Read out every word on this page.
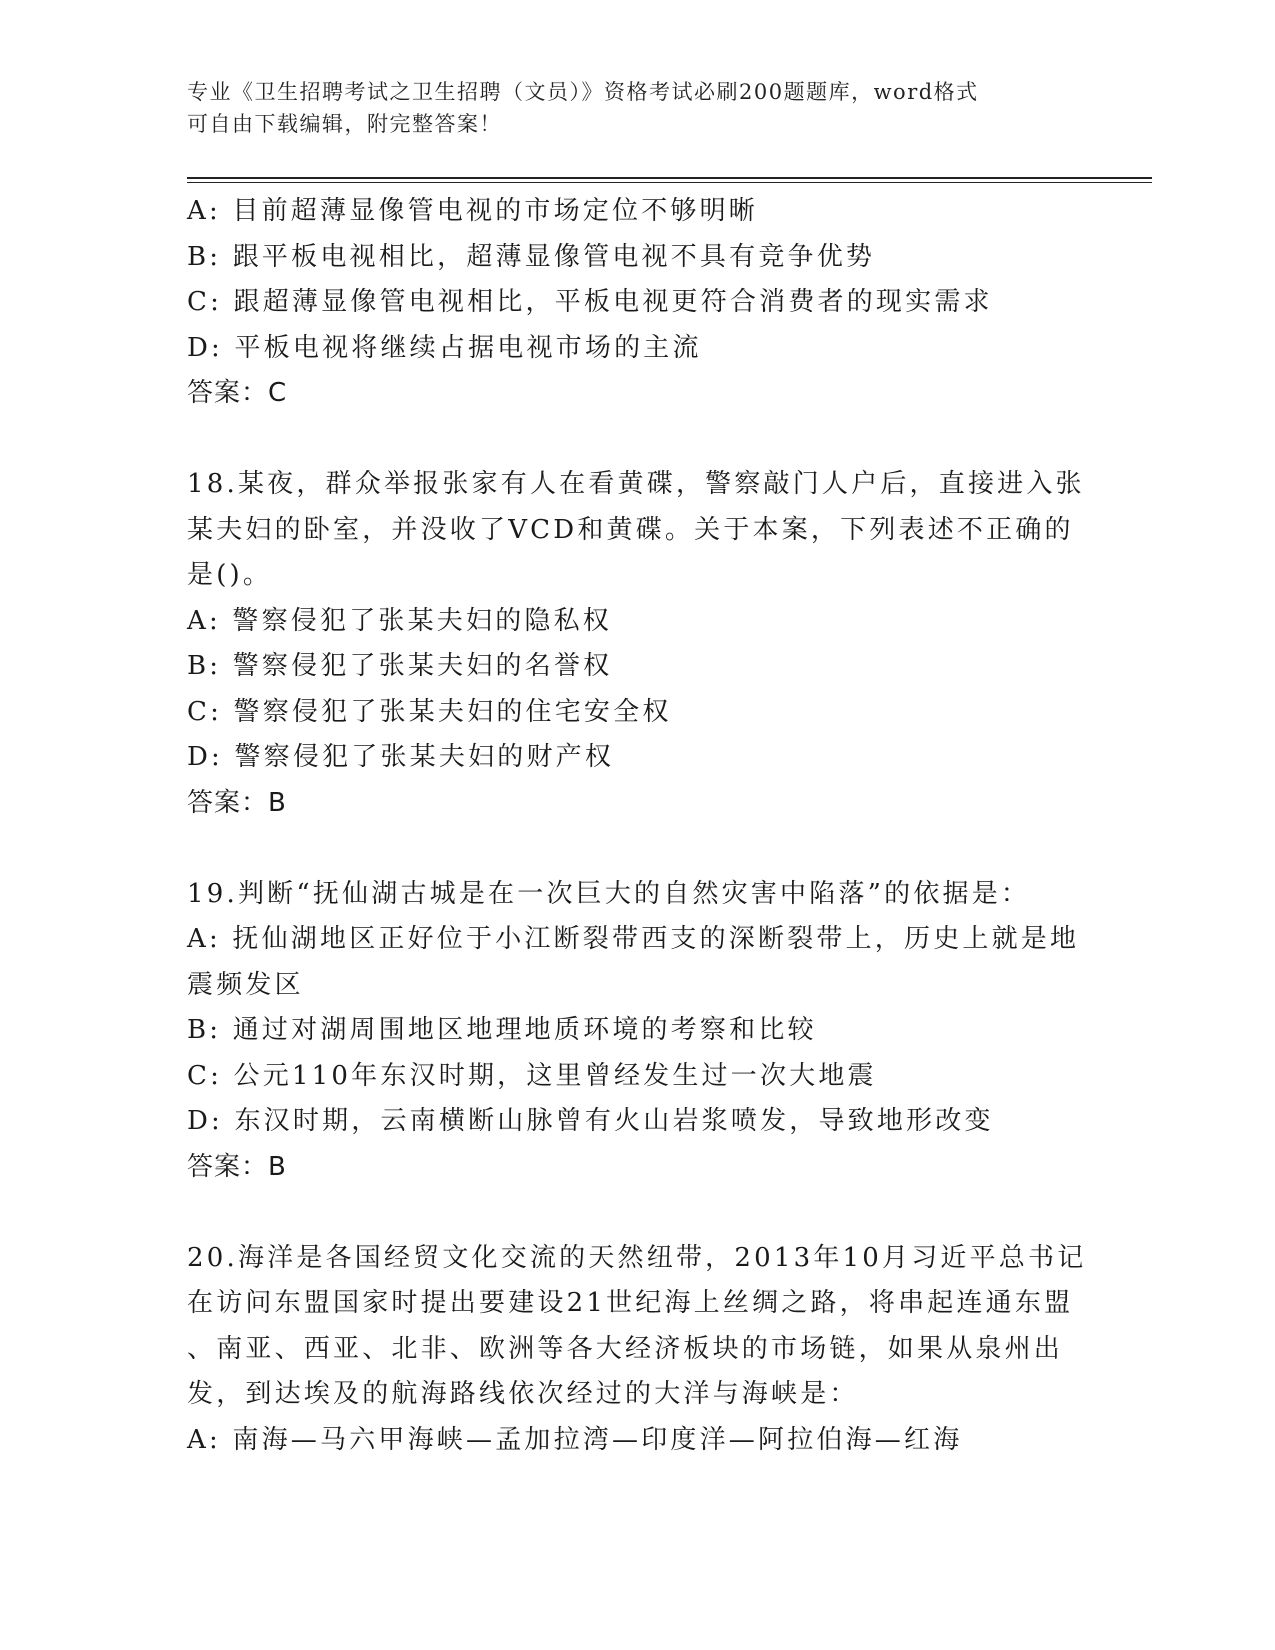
专业《卫生招聘考试之卫生招聘（文员）》资格考试必刷200题题库，word格式
可自由下载编辑，附完整答案！
A: 目前超薄显像管电视的市场定位不够明晰
B: 跟平板电视相比，超薄显像管电视不具有竞争优势
C: 跟超薄显像管电视相比，平板电视更符合消费者的现实需求
D: 平板电视将继续占据电视市场的主流
答案：C
18.某夜，群众举报张家有人在看黄碟，警察敲门人户后，直接进入张
某夫妇的卧室，并没收了VCD和黄碟。关于本案，下列表述不正确的
是()。
A: 警察侵犯了张某夫妇的隐私权
B: 警察侵犯了张某夫妇的名誉权
C: 警察侵犯了张某夫妇的住宅安全权
D: 警察侵犯了张某夫妇的财产权
答案：B
19.判断“抚仙湖古城是在一次巨大的自然灾害中陷落”的依据是：
A: 抚仙湖地区正好位于小江断裂带西支的深断裂带上，历史上就是地
震频发区
B: 通过对湖周围地区地理地质环境的考察和比较
C: 公元110年东汉时期，这里曾经发生过一次大地震
D: 东汉时期，云南横断山脉曾有火山岩浆喷发，导致地形改变
答案：B
20.海洋是各国经贸文化交流的天然纽带，2013年10月习近平总书记
在访问东盟国家时提出要建设21世纪海上丝绸之路，将串起连通东盟
、南亚、西亚、北非、欧洲等各大经济板块的市场链，如果从泉州出
发，到达埃及的航海路线依次经过的大洋与海峡是：
A: 南海—马六甲海峡—孟加拉湾—印度洋—阿拉伯海—红海
